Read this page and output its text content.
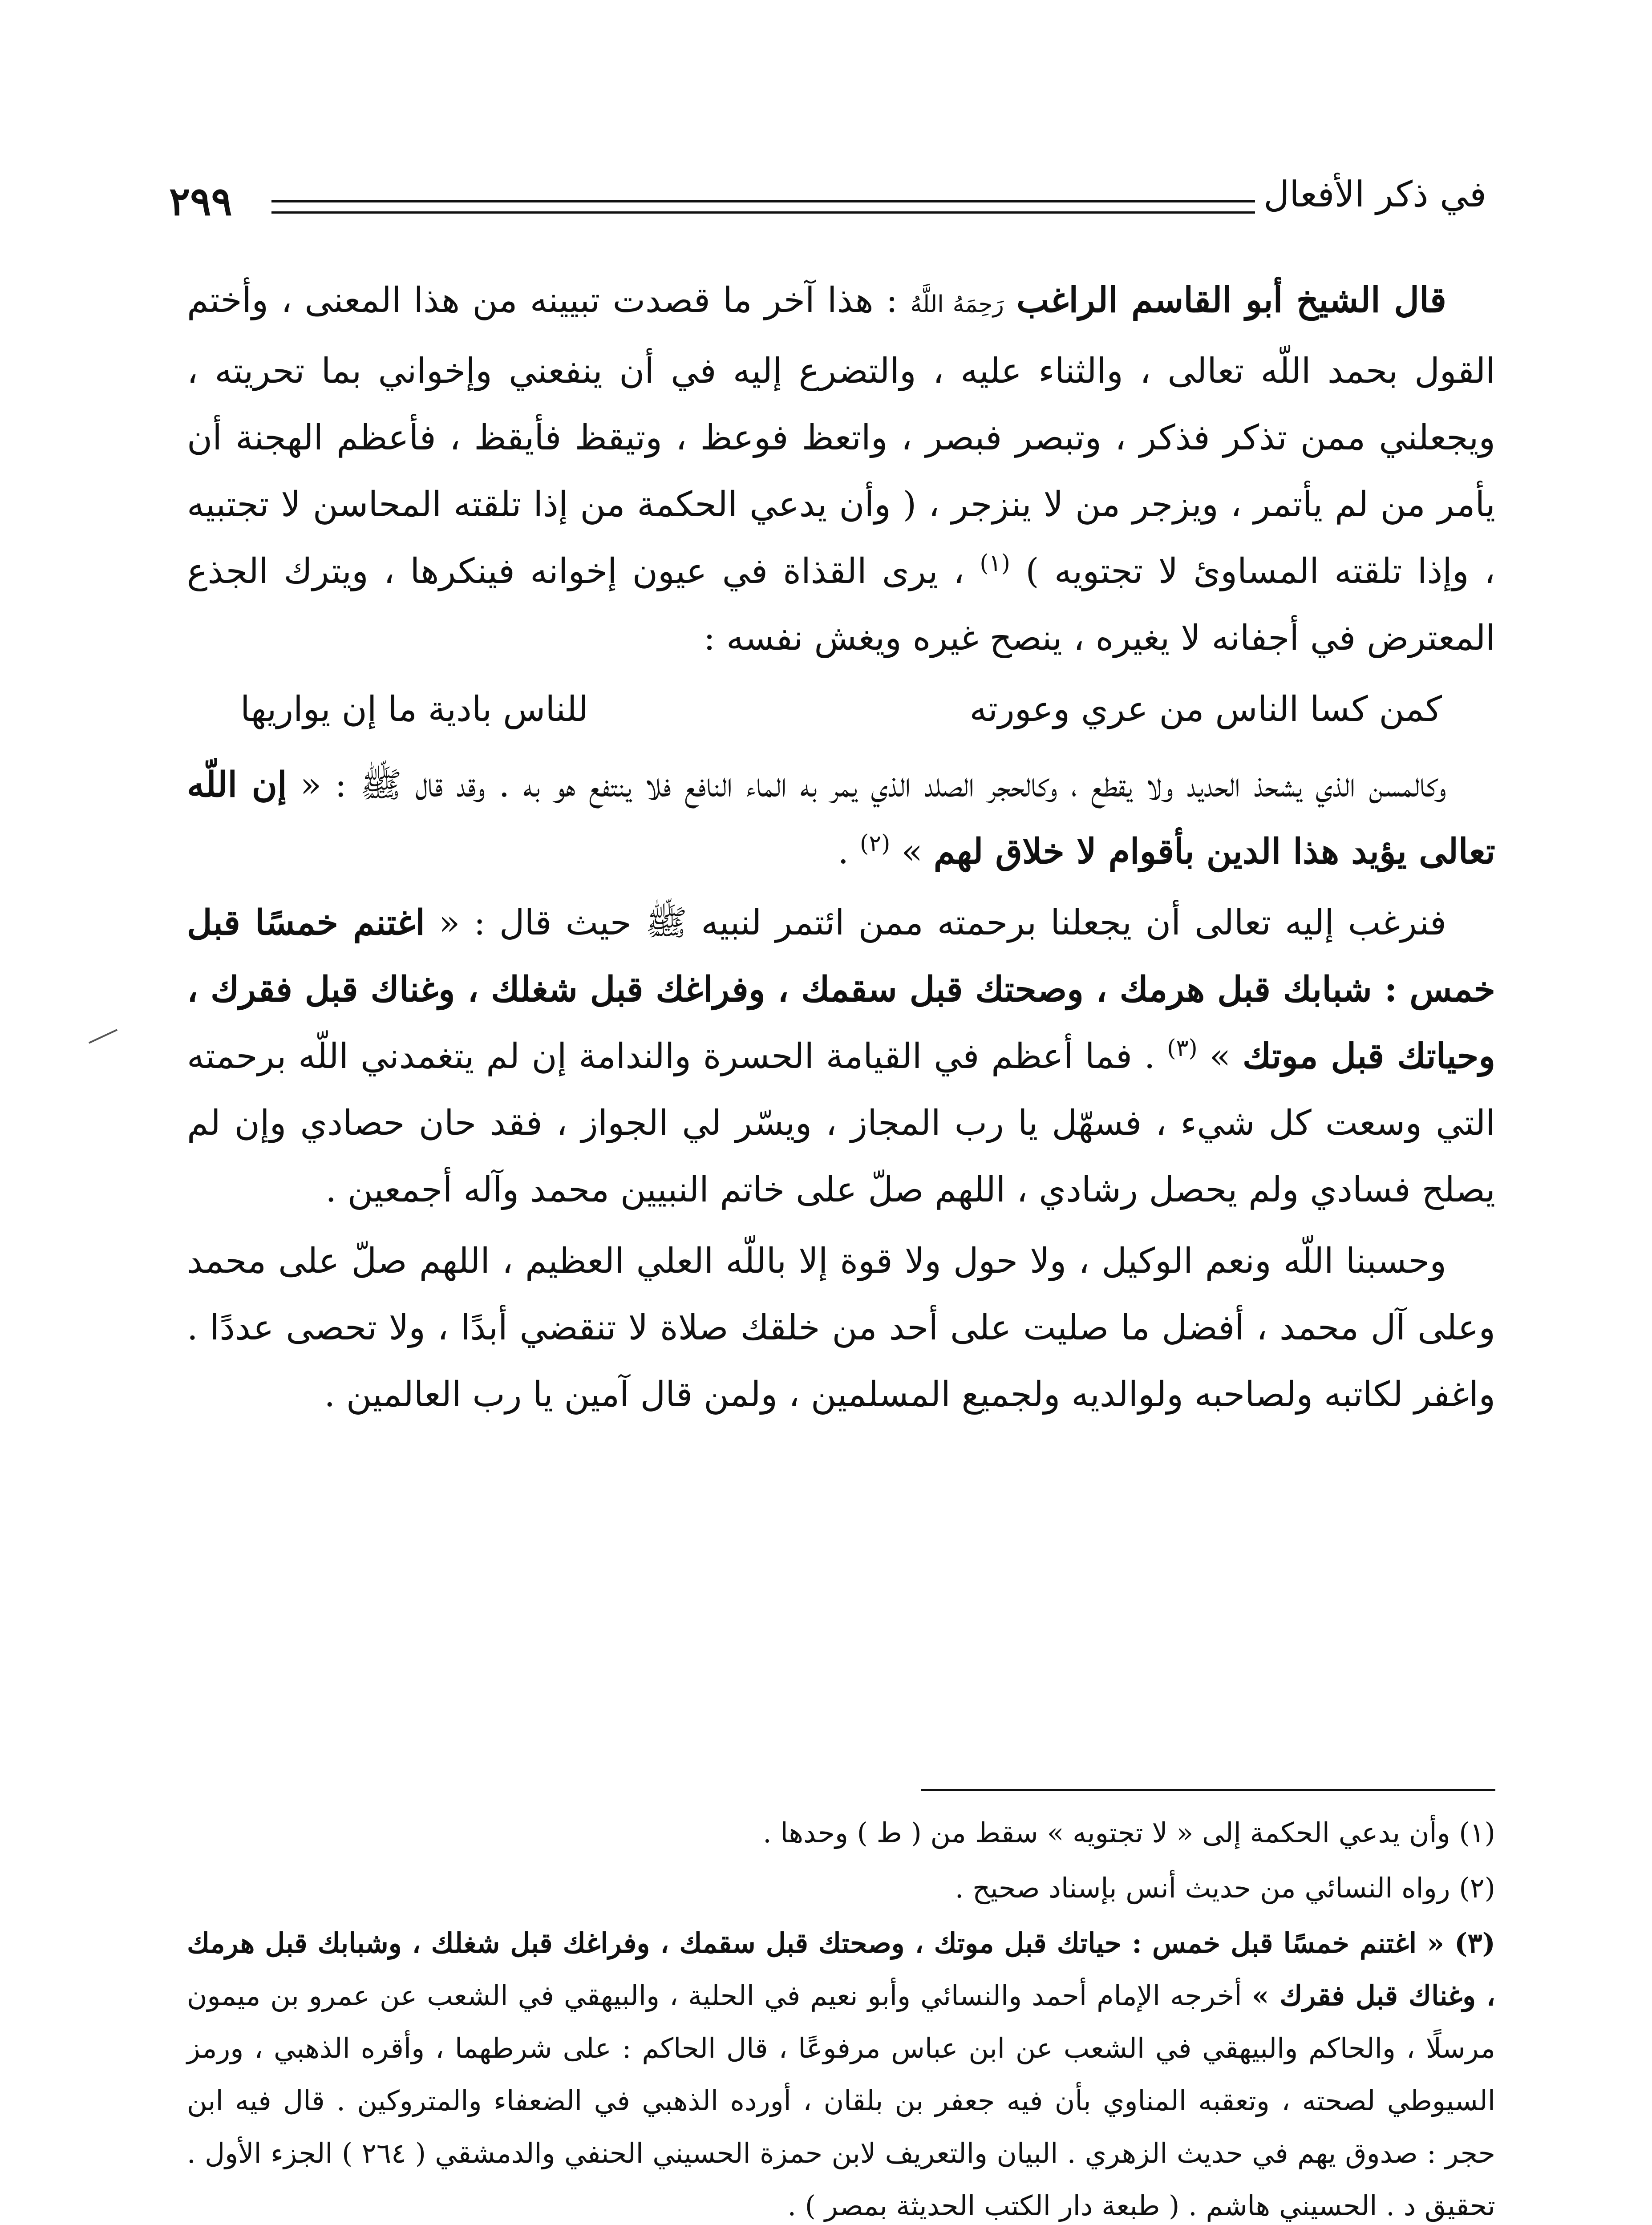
٢٩٩	في ذكر الأفعال

قال الشيخ أبو القاسم الراغب رَحِمَهُ اللَّهُ : هذا آخر ما قصدت تبيينه من هذا المعنى ، وأختم القول بحمد اللّه تعالى ، والثناء عليه ، والتضرع إليه في أن ينفعني وإخواني بما تحريته ، ويجعلني ممن تذكر فذكر ، وتبصر فبصر ، واتعظ فوعظ ، وتيقظ فأيقظ ، فأعظم الهجنة أن يأمر من لم يأتمر ، ويزجر من لا ينزجر ، ( وأن يدعي الحكمة من إذا تلقته المحاسن لا تجتبيه ، وإذا تلقته المساوئ لا تجتويه ) $^{(١)}$ ، يرى القذاة في عيون إخوانه فينكرها ، ويترك الجذع المعترض في أجفانه لا يغيره ، ينصح غيره ويغش نفسه :

كمن كسا الناس من عري وعورته
للناس بادية ما إن يواريها

وكالمسن الذي يشحذ الحديد ولا يقطع ، وكالحجر الصلد الذي يمر به الماء النافع فلا ينتفع هو به . وقد قال ﷺ : « إن اللّه تعالى يؤيد هذا الدين بأقوام لا خلاق لهم » $^{(٢)}$ .

فنرغب إليه تعالى أن يجعلنا برحمته ممن ائتمر لنبيه ﷺ حيث قال : « اغتنم خمسًا قبل خمس : شبابك قبل هرمك ، وصحتك قبل سقمك ، وفراغك قبل شغلك ، وغناك قبل فقرك ، وحياتك قبل موتك » $^{(٣)}$ . فما أعظم في القيامة الحسرة والندامة إن لم يتغمدني اللّه برحمته التي وسعت كل شيء ، فسهّل يا رب المجاز ، ويسّر لي الجواز ، فقد حان حصادي وإن لم يصلح فسادي ولم يحصل رشادي ، اللهم صلّ على خاتم النبيين محمد وآله أجمعين .

وحسبنا اللّه ونعم الوكيل ، ولا حول ولا قوة إلا باللّه العلي العظيم ، اللهم صلّ على محمد وعلى آل محمد ، أفضل ما صليت على أحد من خلقك صلاة لا تنقضي أبدًا ، ولا تحصى عددًا . واغفر لكاتبه ولصاحبه ولوالديه ولجميع المسلمين ، ولمن قال آمين يا رب العالمين .

(١) وأن يدعي الحكمة إلى « لا تجتويه » سقط من ( ط ) وحدها .

(٢) رواه النسائي من حديث أنس بإسناد صحيح .

(٣) « اغتنم خمسًا قبل خمس : حياتك قبل موتك ، وصحتك قبل سقمك ، وفراغك قبل شغلك ، وشبابك قبل هرمك ، وغناك قبل فقرك » أخرجه الإمام أحمد والنسائي وأبو نعيم في الحلية ، والبيهقي في الشعب عن عمرو بن ميمون مرسلًا ، والحاكم والبيهقي في الشعب عن ابن عباس مرفوعًا ، قال الحاكم : على شرطهما ، وأقره الذهبي ، ورمز السيوطي لصحته ، وتعقبه المناوي بأن فيه جعفر بن بلقان ، أورده الذهبي في الضعفاء والمتروكين . قال فيه ابن حجر : صدوق يهم في حديث الزهري . البيان والتعريف لابن حمزة الحسيني الحنفي والدمشقي ( ٢٦٤ ) الجزء الأول . تحقيق د . الحسيني هاشم . ( طبعة دار الكتب الحديثة بمصر ) .
